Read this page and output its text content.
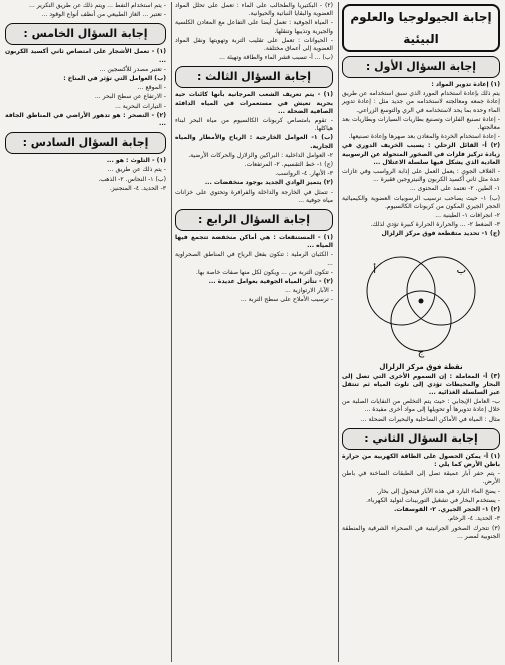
إجابة الجيولوجيا والعلوم البيئية
إجابة السؤال الأول :
(١) إعادة تدوير المواد :
يتم ذلك بإعادة استخدام المورد الذي سبق استخدامه عن طريق إعادة جمعه ومعالجته لاستخدامه من جديد مثل : إعادة تدوير الماء وحده بما يحد لاستخدامه في الري والتوسع الزراعي.
- إعادة تصنيع الفلزات وتصنيع بطاريات السيارات وبطاريات بعد معالجتها.
- إعادة استخدام الخردة والمعادن بعد صهرها وإعادة تصنيعها.
(٢) أ- القائل الزحلي : يسبب الخريف الدوري قي زيادة تركيز فلزات في الصخور المتحولة عن الرسوبية العادية الذي يشكل فيها سلسلة الاعتلال ...
- الغلاف الجوي : يعمل العمل على إذابة الرواسب وفي غازات عدة مثل ثاني أكسيد الكربون والنيتروجين فقيرة ...
١- الطين. ٢- تعتمد على المحتوى ...
(ب) ١- حيث يصاحب ترسيب الرسوبيات العضوية والكيميائية الحجر الجيري المكون من كربونات الكالسيوم.
٢- انجرافات ١- الطينية ...
٣- الضغط ٢- ... والحرارة الحرارة كبيرة تؤدي لذلك.
(ج) ١- تحديد متقطعة فوق مركز الزلزال
أ	ب
ج
نقطة فوق مركز الزلزال
(٣) أ- المعاملة : إن السموم الأخرى التي تصل إلى البحار والمحيطات تؤدي إلى تلوث المياه ثم تنتقل عبر السلسلة الغذائية ...
ب- العامل الإيجابي : حيث يتم التخلص من النفايات الصلبة من خلال إعادة تدويرها أو تحويلها إلى مواد أخرى مفيدة ...
مثال : المياه في الأماكن الساحلية والبحيرات الضحلة ...
إجابة السؤال الثاني :
(١) أ- يمكن الحصول على الطاقة الكهربية من حرارة باطن الأرض كما يلي :
- يتم حفر آبار عميقة تصل إلى الطبقات الساخنة في باطن الأرض.
- يضخ الماء البارد في هذه الآبار فيتحول إلى بخار.
- يستخدم البخار في تشغيل التوربينات لتوليد الكهرباء.
(٢) ١- الحجر الجيري. ٢- الفوسفات.
٣- الحديد. ٤- الرخام.
(٣) تتحرك الصخور الجرانيتية في الصحراء الشرقية والمنطقة الجنوبية لمصر ...
(٢) - البكتيريا والطحالب على الماء : تعمل على تحلل المواد العضوية والبقايا النباتية والحيوانية.
- المياه الجوفية : تعمل أيضا على التفاعل مع المعادن الكلسية والجيرية وتذيبها وتنقلها.
- الحيوانات : تعمل على تقليب التربة وتهويتها ونقل المواد العضوية إلى أعماق مختلفة.
(ب) ... أ- تسبب قشر الماء والطاقة وتهيئة ...
إجابة السؤال الثالث :
(١) - يتم تعريف الشعب المرجانية بأنها كائنات حية بحرية تعيش في مستعمرات في المياه الدافئة الصافية الضحلة ...
- تقوم بامتصاص كربونات الكالسيوم من مياه البحر لبناء هياكلها.
(ب) ١- العوامل الخارجية : الرياح والأمطار والمياه الجارية.
٢- العوامل الداخلية : البراكين والزلازل والحركات الأرضية.
(ج) ١- خط التقسيم. ٢- المرتفعات.
٣- الأنهار. ٤- الرواسب.
(٢) يتميز الوادي الجديد بوجود منخفضات ...
- تتمثل في الخارجة والداخلة والفرافرة وتحتوي على خزانات مياه جوفية ...
إجابة السؤال الرابع :
(١) - المستنقعات : هي أماكن منخفضة تتجمع فيها المياه ...
- الكثبان الرملية : تتكون بفعل الرياح في المناطق الصحراوية ...
- تتكون التربة من ... ويكون لكل منها صفات خاصة بها.
(٢) - تتأثر المياه الجوفية بعوامل عديدة ...
- الآبار الارتوازية ...
- ترسيب الأملاح على سطح التربة ...
- يتم استخدام النفط ... ويتم ذلك عن طريق التكرير ...
- تعتبر ... الغاز الطبيعي من أنظف أنواع الوقود ...
إجابة السؤال الخامس :
(١) - تعمل الأشجار على امتصاص ثاني أكسيد الكربون ...
- تعتبر مصدر للأكسجين ...
(ب) العوامل التي تؤثر في المناخ :
- الموقع ...
- الارتفاع عن سطح البحر ...
- التيارات البحرية ...
(٢) - التصحر : هو تدهور الأراضي في المناطق الجافة ...
إجابة السؤال السادس :
(١) - التلوث : هو ...
- يتم ذلك عن طريق ...
(ب) ١- النحاس. ٢- الذهب.
٣- الحديد. ٤- المنجنيز.
